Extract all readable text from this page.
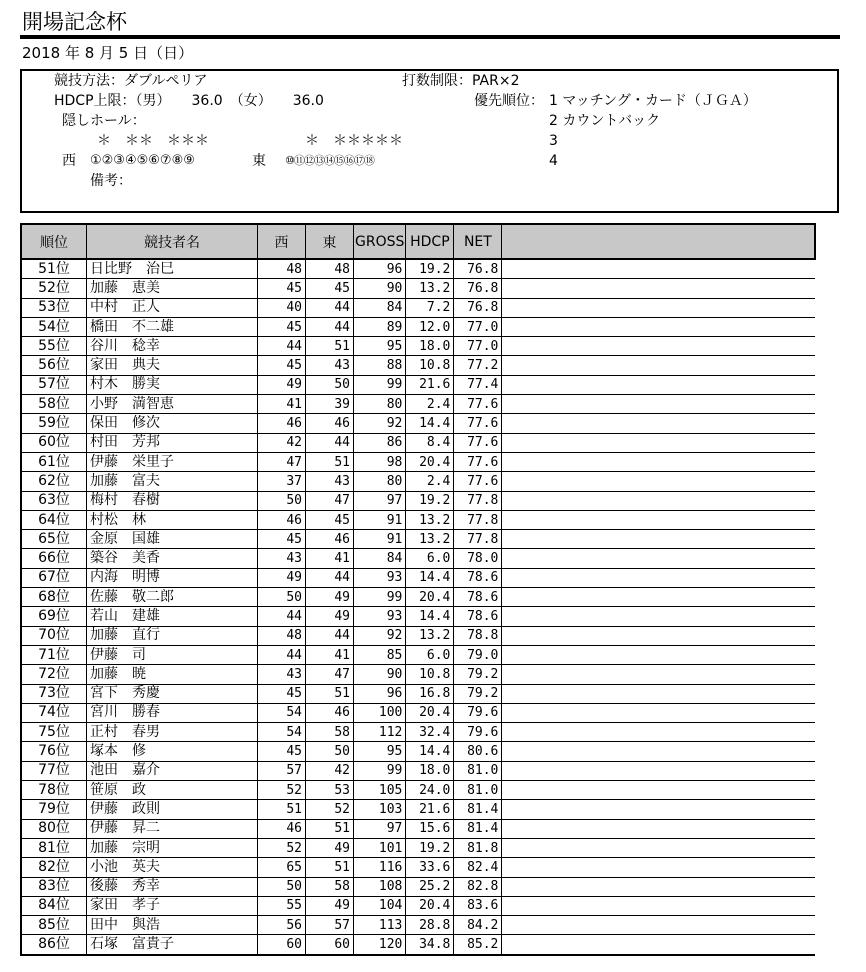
開場記念杯
2018 年 8 月 5 日（日）
競技方法：ダブルペリア	打数制限：PAR×2
HDCP上限：（男）　　36.0　（女）　　36.0	優先順位： 1 マッチング・カード（ＪＧＡ）
隠しホール：	2 カウントバック
＊　＊＊　＊＊＊	＊　＊＊＊＊＊	3
西 ①②③④⑤⑥⑦⑧⑨	東 ⑩⑪⑫⑬⑭⑮⑯⑰⑱	4
備考：
順位	競技者名	西	東	GROSS	HDCP	NET	
51位	日比野　治巳	48	48	96	19.2	76.8	
52位	加藤　恵美	45	45	90	13.2	76.8	
53位	中村　正人	40	44	84	7.2	76.8	
54位	橋田　不二雄	45	44	89	12.0	77.0	
55位	谷川　稔幸	44	51	95	18.0	77.0	
56位	家田　典夫	45	43	88	10.8	77.2	
57位	村木　勝実	49	50	99	21.6	77.4	
58位	小野　満智恵	41	39	80	2.4	77.6	
59位	保田　修次	46	46	92	14.4	77.6	
60位	村田　芳邦	42	44	86	8.4	77.6	
61位	伊藤　栄里子	47	51	98	20.4	77.6	
62位	加藤　富夫	37	43	80	2.4	77.6	
63位	梅村　春樹	50	47	97	19.2	77.8	
64位	村松　林	46	45	91	13.2	77.8	
65位	金原　国雄	45	46	91	13.2	77.8	
66位	築谷　美香	43	41	84	6.0	78.0	
67位	内海　明博	49	44	93	14.4	78.6	
68位	佐藤　敬二郎	50	49	99	20.4	78.6	
69位	若山　建雄	44	49	93	14.4	78.6	
70位	加藤　直行	48	44	92	13.2	78.8	
71位	伊藤　司	44	41	85	6.0	79.0	
72位	加藤　暁	43	47	90	10.8	79.2	
73位	宮下　秀慶	45	51	96	16.8	79.2	
74位	宮川　勝春	54	46	100	20.4	79.6	
75位	正村　春男	54	58	112	32.4	79.6	
76位	塚本　修	45	50	95	14.4	80.6	
77位	池田　嘉介	57	42	99	18.0	81.0	
78位	笹原　政	52	53	105	24.0	81.0	
79位	伊藤　政則	51	52	103	21.6	81.4	
80位	伊藤　昇二	46	51	97	15.6	81.4	
81位	加藤　宗明	52	49	101	19.2	81.8	
82位	小池　英夫	65	51	116	33.6	82.4	
83位	後藤　秀幸	50	58	108	25.2	82.8	
84位	家田　孝子	55	49	104	20.4	83.6	
85位	田中　與浩	56	57	113	28.8	84.2	
86位	石塚　富貴子	60	60	120	34.8	85.2	
